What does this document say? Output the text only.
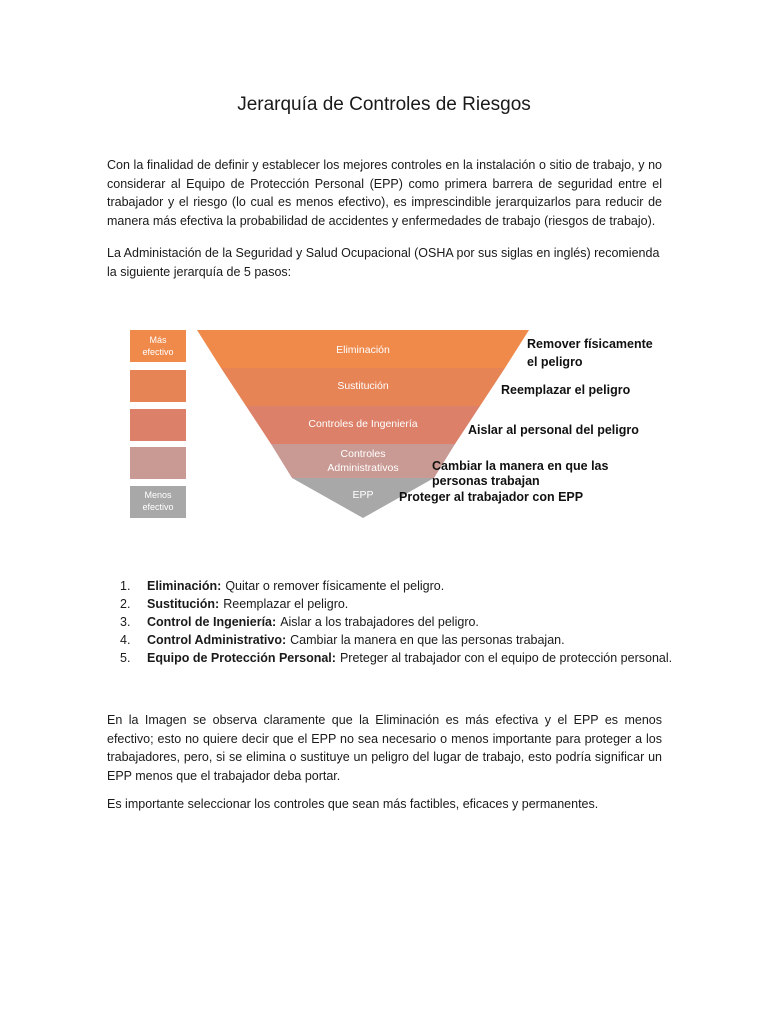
Jerarquía de Controles de Riesgos

Con la finalidad de definir y establecer los mejores controles en la instalación o sitio de trabajo, y no considerar al Equipo de Protección Personal (EPP) como primera barrera de seguridad entre el trabajador y el riesgo (lo cual es menos efectivo), es imprescindible jerarquizarlos para reducir de manera más efectiva la probabilidad de accidentes y enfermedades de trabajo (riesgos de trabajo).

La Administación de la Seguridad y Salud Ocupacional (OSHA por sus siglas en inglés) recomienda la siguiente jerarquía de 5 pasos:

Más
efectivo
Menos
efectivo
Eliminación
Sustitución
Controles de Ingeniería
Controles
Administrativos
EPP
Remover físicamente
el peligro
Reemplazar el peligro
Aislar al personal del peligro
Cambiar la manera en que las
personas trabajan
Proteger al trabajador con EPP
1.	Eliminación: Quitar o remover físicamente el peligro.
2.	Sustitución: Reemplazar el peligro.
3.	Control de Ingeniería: Aislar a los trabajadores del peligro.
4.	Control Administrativo: Cambiar la manera en que las personas trabajan.
5.	Equipo de Protección Personal: Preteger al trabajador con el equipo de protección personal.

En la Imagen se observa claramente que la Eliminación es más efectiva y el EPP es menos efectivo; esto no quiere decir que el EPP no sea necesario o menos importante para proteger a los trabajadores, pero, si se elimina o sustituye un peligro del lugar de trabajo, esto podría significar un EPP menos que el trabajador deba portar.

Es importante seleccionar los controles que sean más factibles, eficaces y permanentes.
